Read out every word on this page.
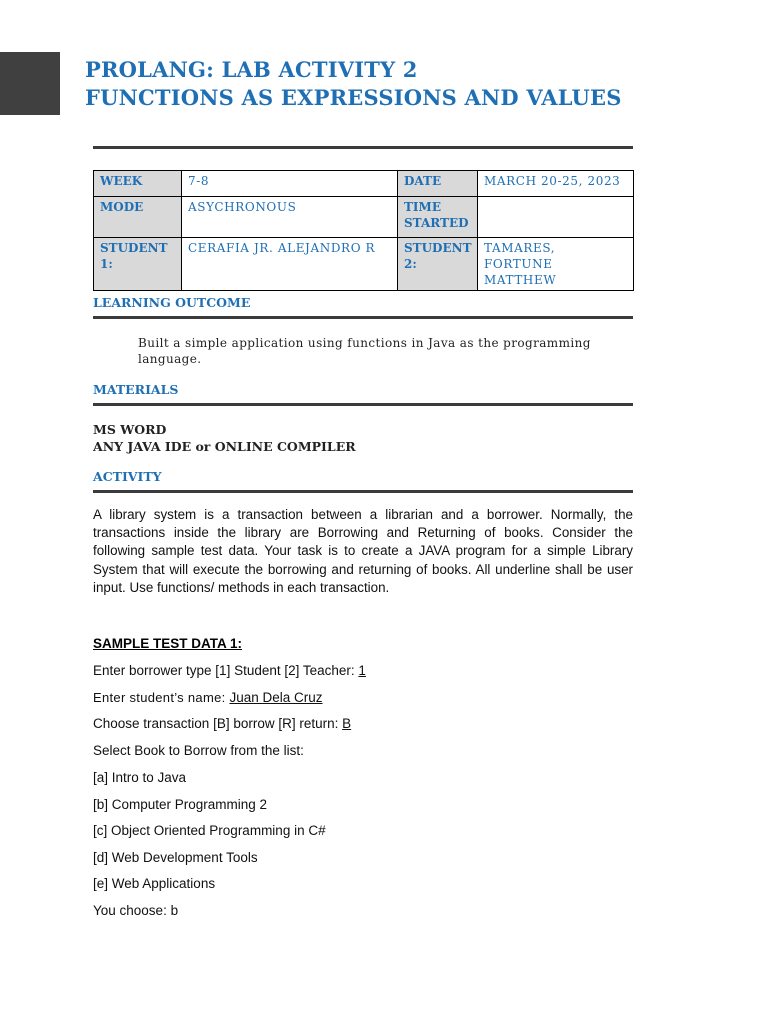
PROLANG: LAB ACTIVITY 2
FUNCTIONS AS EXPRESSIONS AND VALUES
WEEK	7-8	DATE	MARCH 20-25, 2023
MODE	ASYCHRONOUS	TIME STARTED	
STUDENT 1:	CERAFIA JR. ALEJANDRO R	STUDENT 2:	TAMARES, FORTUNE MATTHEW
LEARNING OUTCOME
Built a simple application using functions in Java as the programming language.
MATERIALS
MS WORD
ANY JAVA IDE or ONLINE COMPILER
ACTIVITY
A library system is a transaction between a librarian and a borrower. Normally, the transactions inside the library are Borrowing and Returning of books. Consider the following sample test data. Your task is to create a JAVA program for a simple Library System that will execute the borrowing and returning of books. All underline shall be user input. Use functions/ methods in each transaction.
SAMPLE TEST DATA 1:
Enter borrower type [1] Student [2] Teacher: 1
Enter student’s name: Juan Dela Cruz
Choose transaction [B] borrow [R] return: B
Select Book to Borrow from the list:
[a] Intro to Java
[b] Computer Programming 2
[c] Object Oriented Programming in C#
[d] Web Development Tools
[e] Web Applications
You choose: b
